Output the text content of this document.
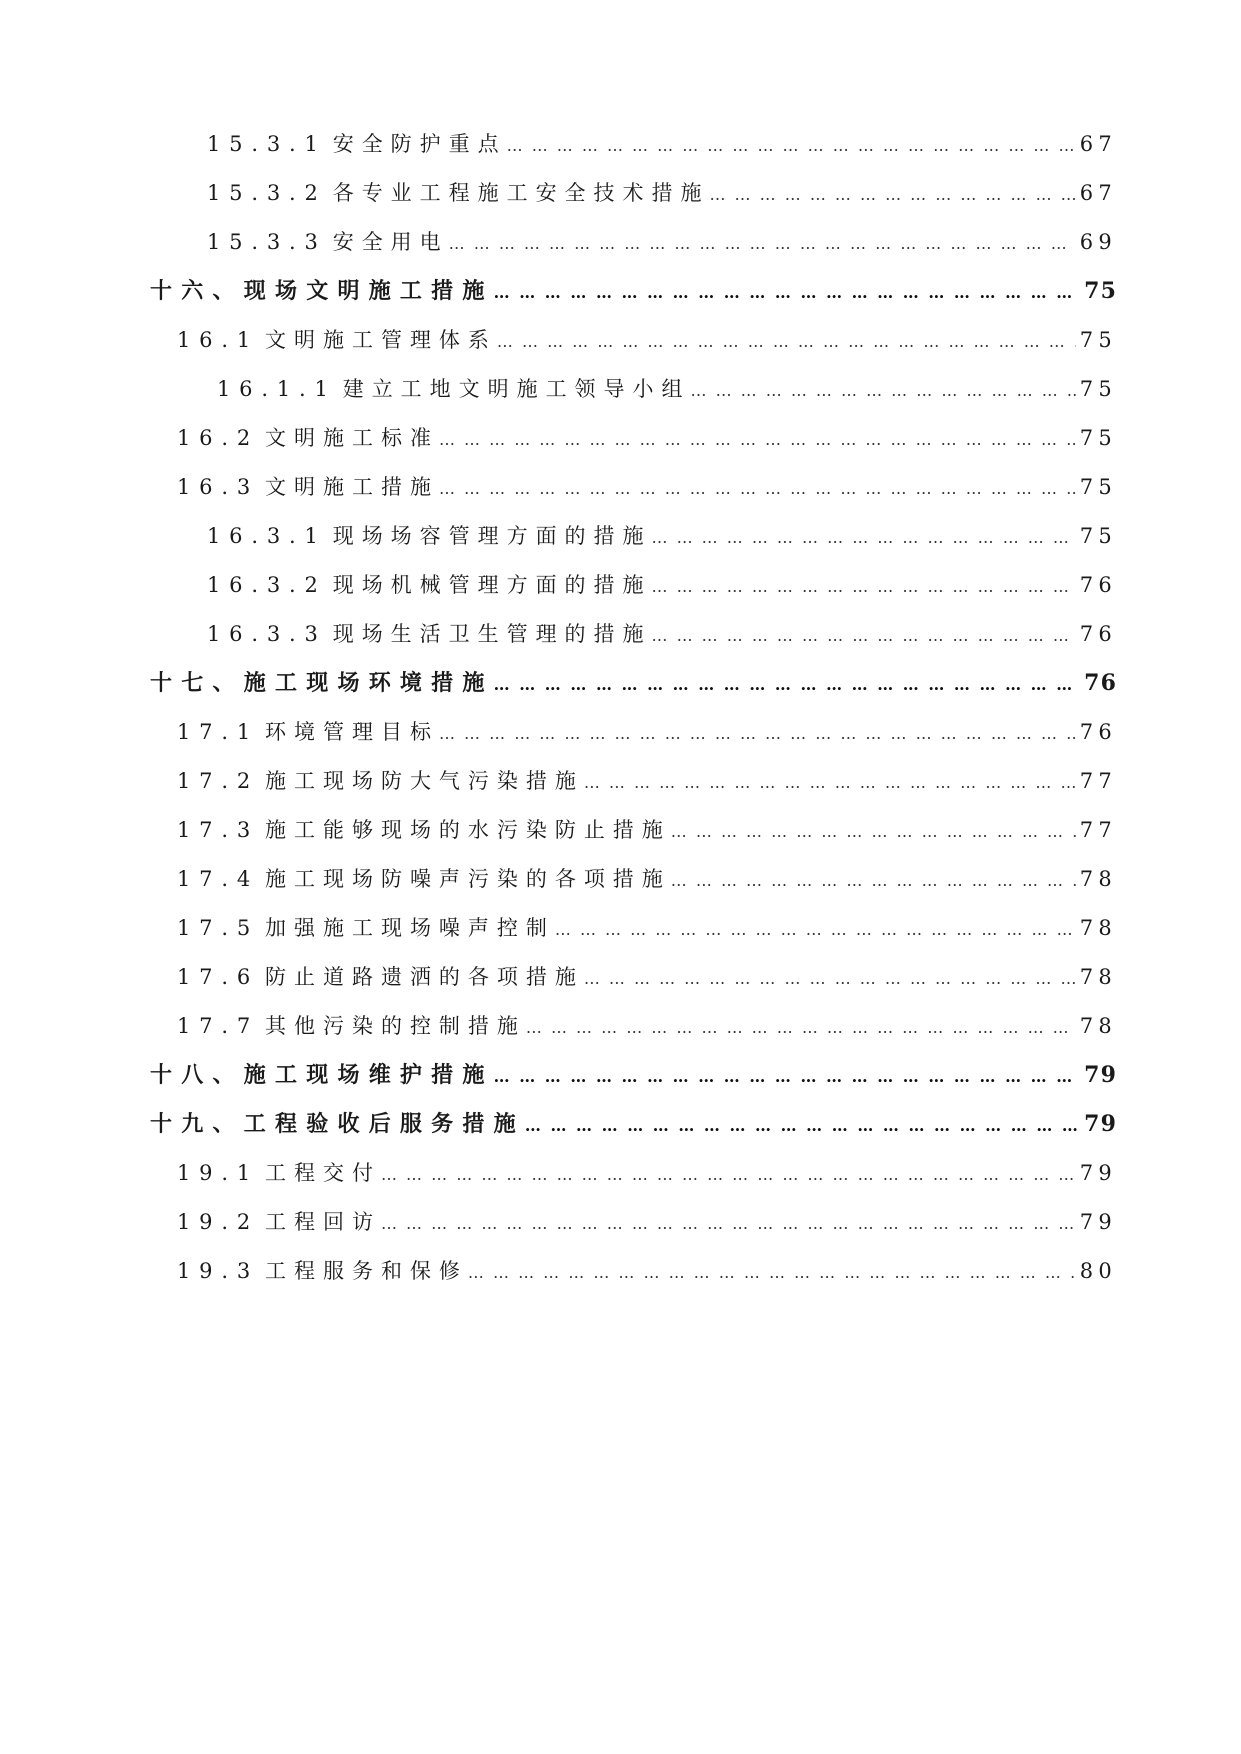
15.3.1 安全防护重点 … … … … … … … … … … … … … … … … … … … … … … … … … … … … … … … … … … … … … … … … … … … … … … … …	67
15.3.2 各专业工程施工安全技术措施 … … … … … … … … … … … … … … … … … … … … … … … … … … … … … … … … … … … … … … … … … … … … … … … …	67
15.3.3 安全用电 … … … … … … … … … … … … … … … … … … … … … … … … … … … … … … … … … … … … … … … … … … … … … … … …	69
十六、 现场文明施工措施 … … … … … … … … … … … … … … … … … … … … … … … … … … … … … … … … … … … … … … … … … … … … … … … …	75
16.1 文明施工管理体系 … … … … … … … … … … … … … … … … … … … … … … … … … … … … … … … … … … … … … … … … … … … … … … … …	75
16.1.1 建立工地文明施工领导小组 … … … … … … … … … … … … … … … … … … … … … … … … … … … … … … … … … … … … … … … … … … … … … … … …	75
16.2 文明施工标准 … … … … … … … … … … … … … … … … … … … … … … … … … … … … … … … … … … … … … … … … … … … … … … … …	75
16.3 文明施工措施 … … … … … … … … … … … … … … … … … … … … … … … … … … … … … … … … … … … … … … … … … … … … … … … …	75
16.3.1 现场场容管理方面的措施 … … … … … … … … … … … … … … … … … … … … … … … … … … … … … … … … … … … … … … … … … … … … … … … …	75
16.3.2 现场机械管理方面的措施 … … … … … … … … … … … … … … … … … … … … … … … … … … … … … … … … … … … … … … … … … … … … … … … …	76
16.3.3 现场生活卫生管理的措施 … … … … … … … … … … … … … … … … … … … … … … … … … … … … … … … … … … … … … … … … … … … … … … … …	76
十七、 施工现场环境措施 … … … … … … … … … … … … … … … … … … … … … … … … … … … … … … … … … … … … … … … … … … … … … … … …	76
17.1 环境管理目标 … … … … … … … … … … … … … … … … … … … … … … … … … … … … … … … … … … … … … … … … … … … … … … … …	76
17.2 施工现场防大气污染措施 … … … … … … … … … … … … … … … … … … … … … … … … … … … … … … … … … … … … … … … … … … … … … … … …	77
17.3 施工能够现场的水污染防止措施 … … … … … … … … … … … … … … … … … … … … … … … … … … … … … … … … … … … … … … … … … … … … … … … …	77
17.4 施工现场防噪声污染的各项措施 … … … … … … … … … … … … … … … … … … … … … … … … … … … … … … … … … … … … … … … … … … … … … … … …	78
17.5 加强施工现场噪声控制 … … … … … … … … … … … … … … … … … … … … … … … … … … … … … … … … … … … … … … … … … … … … … … … …	78
17.6 防止道路遗洒的各项措施 … … … … … … … … … … … … … … … … … … … … … … … … … … … … … … … … … … … … … … … … … … … … … … … …	78
17.7 其他污染的控制措施 … … … … … … … … … … … … … … … … … … … … … … … … … … … … … … … … … … … … … … … … … … … … … … … …	78
十八、 施工现场维护措施 … … … … … … … … … … … … … … … … … … … … … … … … … … … … … … … … … … … … … … … … … … … … … … … …	79
十九、 工程验收后服务措施 … … … … … … … … … … … … … … … … … … … … … … … … … … … … … … … … … … … … … … … … … … … … … … … …	79
19.1 工程交付 … … … … … … … … … … … … … … … … … … … … … … … … … … … … … … … … … … … … … … … … … … … … … … … …	79
19.2 工程回访 … … … … … … … … … … … … … … … … … … … … … … … … … … … … … … … … … … … … … … … … … … … … … … … …	79
19.3 工程服务和保修 … … … … … … … … … … … … … … … … … … … … … … … … … … … … … … … … … … … … … … … … … … … … … … … …	80
